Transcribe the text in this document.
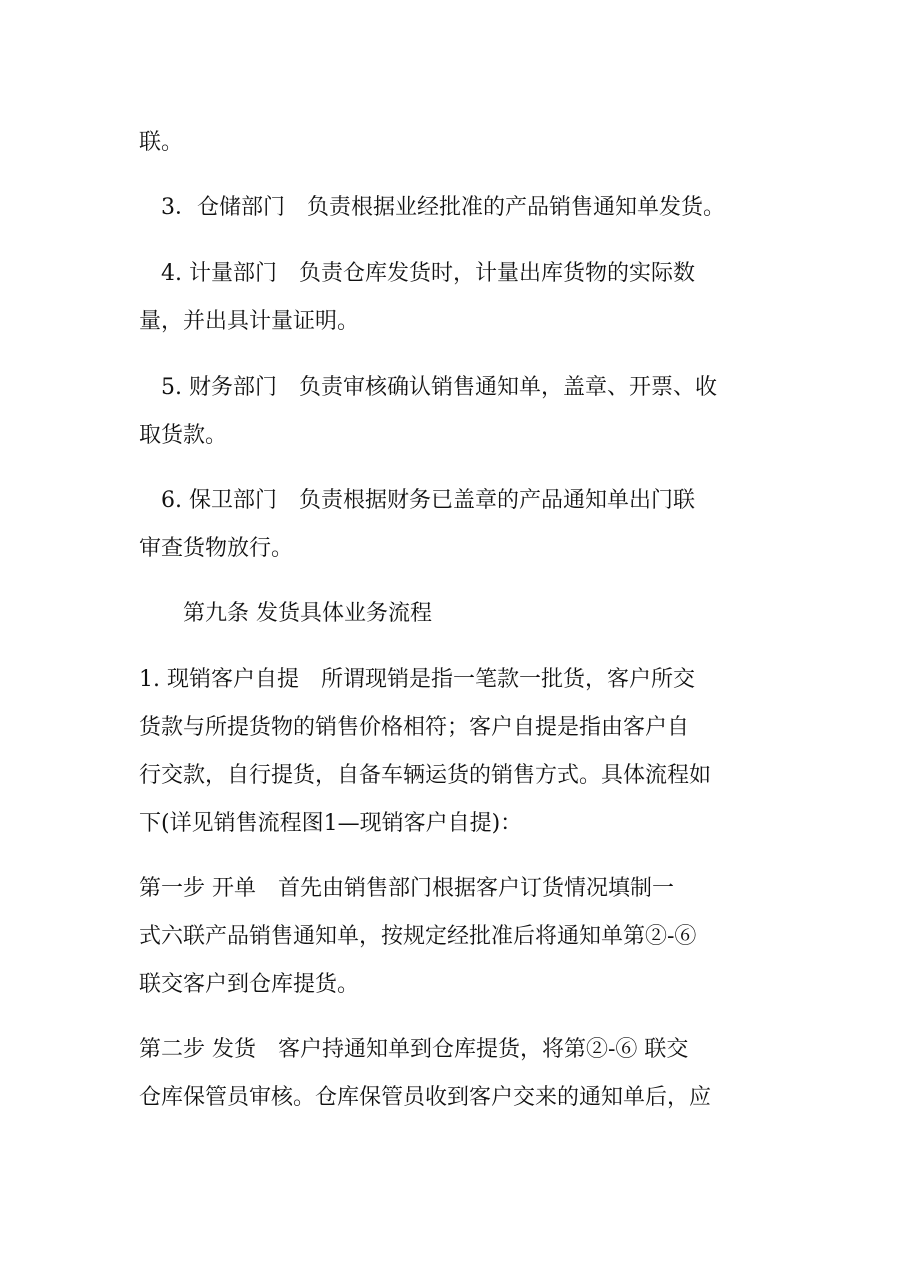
联。

　3．仓储部门　负责根据业经批准的产品销售通知单发货。

　4. 计量部门　负责仓库发货时，计量出库货物的实际数

量，并出具计量证明。

　5. 财务部门　负责审核确认销售通知单，盖章、开票、收

取货款。

　6. 保卫部门　负责根据财务已盖章的产品通知单出门联

审查货物放行。

　　第九条 发货具体业务流程

1. 现销客户自提　所谓现销是指一笔款一批货，客户所交

货款与所提货物的销售价格相符；客户自提是指由客户自

行交款，自行提货，自备车辆运货的销售方式。具体流程如

下(详见销售流程图1—现销客户自提)：

第一步 开单　首先由销售部门根据客户订货情况填制一

式六联产品销售通知单，按规定经批准后将通知单第②-⑥

联交客户到仓库提货。

第二步 发货　客户持通知单到仓库提货，将第②-⑥ 联交

仓库保管员审核。仓库保管员收到客户交来的通知单后，应
